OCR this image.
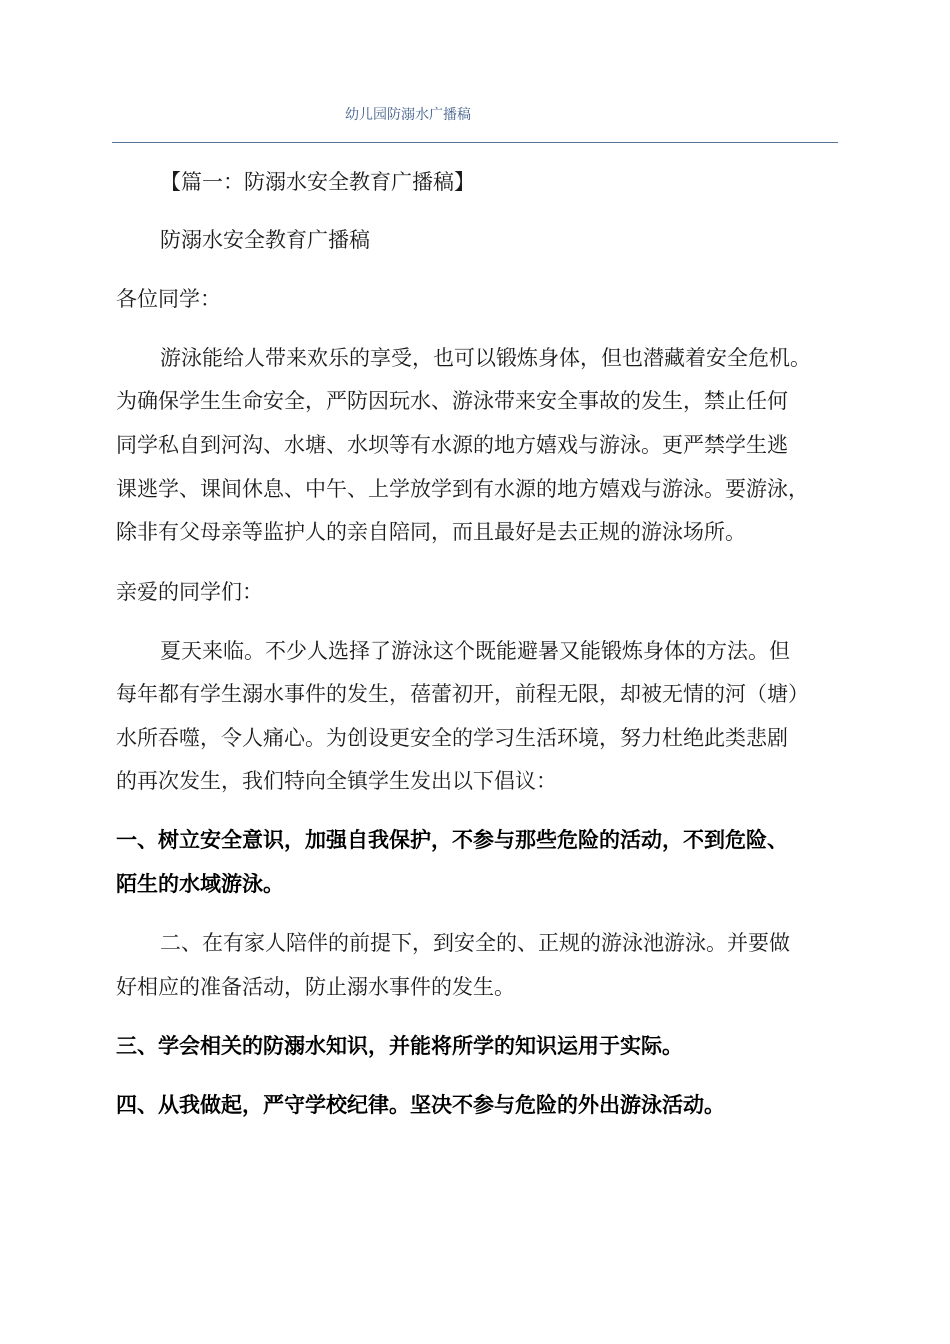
幼儿园防溺水广播稿
【篇一：防溺水安全教育广播稿】
防溺水安全教育广播稿
各位同学：
游泳能给人带来欢乐的享受，也可以锻炼身体，但也潜藏着安全危机。
为确保学生生命安全，严防因玩水、游泳带来安全事故的发生，禁止任何
同学私自到河沟、水塘、水坝等有水源的地方嬉戏与游泳。更严禁学生逃
课逃学、课间休息、中午、上学放学到有水源的地方嬉戏与游泳。要游泳，
除非有父母亲等监护人的亲自陪同，而且最好是去正规的游泳场所。
亲爱的同学们：
夏天来临。不少人选择了游泳这个既能避暑又能锻炼身体的方法。但
每年都有学生溺水事件的发生，蓓蕾初开，前程无限，却被无情的河（塘）
水所吞噬，令人痛心。为创设更安全的学习生活环境，努力杜绝此类悲剧
的再次发生，我们特向全镇学生发出以下倡议：
一、树立安全意识，加强自我保护，不参与那些危险的活动，不到危险、
陌生的水域游泳。
二、在有家人陪伴的前提下，到安全的、正规的游泳池游泳。并要做
好相应的准备活动，防止溺水事件的发生。
三、学会相关的防溺水知识，并能将所学的知识运用于实际。
四、从我做起，严守学校纪律。坚决不参与危险的外出游泳活动。
